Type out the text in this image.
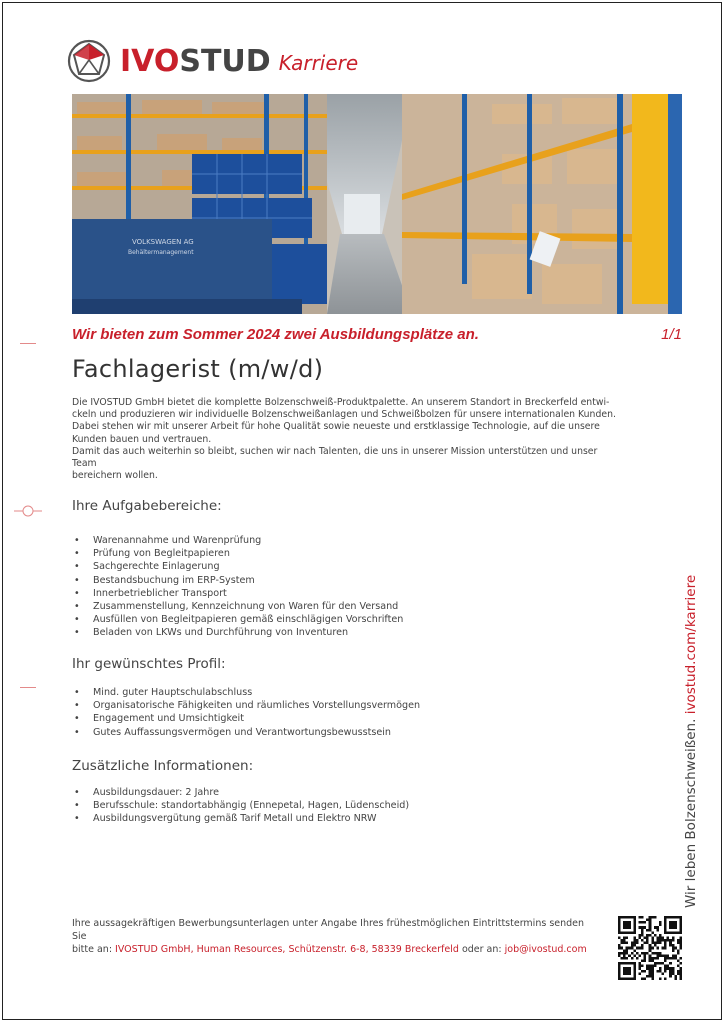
IVOSTUD Karriere
VOLKSWAGEN AG
Behältermanagement
Wir bieten zum Sommer 2024 zwei Ausbildungsplätze an.	1/1
Fachlagerist (m/w/d)

Die IVOSTUD GmbH bietet die komplette Bolzenschweiß-Produktpalette. An unserem Standort in Breckerfeld entwi-

ckeln und produzieren wir individuelle Bolzenschweißanlagen und Schweißbolzen für unsere internationalen Kunden.

Dabei stehen wir mit unserer Arbeit für hohe Qualität sowie neueste und erstklassige Technologie, auf die unsere

Kunden bauen und vertrauen.

Damit das auch weiterhin so bleibt, suchen wir nach Talenten, die uns in unserer Mission unterstützen und unser Team

bereichern wollen.

Ihre Aufgabebereiche:
• Warenannahme und Warenprüfung
• Prüfung von Begleitpapieren
• Sachgerechte Einlagerung
• Bestandsbuchung im ERP-System
• Innerbetrieblicher Transport
• Zusammenstellung, Kennzeichnung von Waren für den Versand
• Ausfüllen von Begleitpapieren gemäß einschlägigen Vorschriften
• Beladen von LKWs und Durchführung von Inventuren
Ihr gewünschtes Profil:
• Mind. guter Hauptschulabschluss
• Organisatorische Fähigkeiten und räumliches Vorstellungsvermögen
• Engagement und Umsichtigkeit
• Gutes Auffassungsvermögen und Verantwortungsbewusstsein
Zusätzliche Informationen:
• Ausbildungsdauer: 2 Jahre
• Berufsschule: standortabhängig (Ennepetal, Hagen, Lüdenscheid)
• Ausbildungsvergütung gemäß Tarif Metall und Elektro NRW	Wir leben Bolzenschweißen. ivostud.com/karriere
Ihre aussagekräftigen Bewerbungsunterlagen unter Angabe Ihres frühestmöglichen Eintrittstermins senden Sie
bitte an: IVOSTUD GmbH, Human Resources, Schützenstr. 6-8, 58339 Breckerfeld oder an: job@ivostud.com
